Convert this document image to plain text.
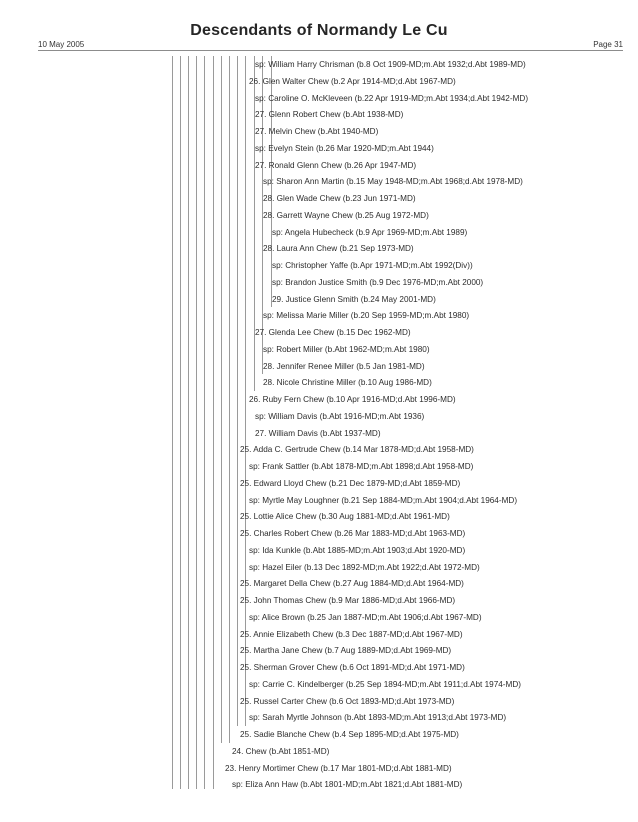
Descendants of Normandy Le Cu
10 May 2005	Page 31
sp: William Harry Chrisman (b.8 Oct 1909-MD;m.Abt 1932;d.Abt 1989-MD)
26. Glen Walter Chew (b.2 Apr 1914-MD;d.Abt 1967-MD)
sp: Caroline O. McKleveen (b.22 Apr 1919-MD;m.Abt 1934;d.Abt 1942-MD)
27. Glenn Robert Chew (b.Abt 1938-MD)
27. Melvin Chew (b.Abt 1940-MD)
sp: Evelyn Stein (b.26 Mar 1920-MD;m.Abt 1944)
27. Ronald Glenn Chew (b.26 Apr 1947-MD)
sp: Sharon Ann Martin (b.15 May 1948-MD;m.Abt 1968;d.Abt 1978-MD)
28. Glen Wade Chew (b.23 Jun 1971-MD)
28. Garrett Wayne Chew (b.25 Aug 1972-MD)
sp: Angela Hubecheck (b.9 Apr 1969-MD;m.Abt 1989)
28. Laura Ann Chew (b.21 Sep 1973-MD)
sp: Christopher Yaffe (b.Apr 1971-MD;m.Abt 1992(Div))
sp: Brandon Justice Smith (b.9 Dec 1976-MD;m.Abt 2000)
29. Justice Glenn Smith (b.24 May 2001-MD)
sp: Melissa Marie Miller (b.20 Sep 1959-MD;m.Abt 1980)
27. Glenda Lee Chew (b.15 Dec 1962-MD)
sp: Robert Miller (b.Abt 1962-MD;m.Abt 1980)
28. Jennifer Renee Miller (b.5 Jan 1981-MD)
28. Nicole Christine Miller (b.10 Aug 1986-MD)
26. Ruby Fern Chew (b.10 Apr 1916-MD;d.Abt 1996-MD)
sp: William Davis (b.Abt 1916-MD;m.Abt 1936)
27. William Davis (b.Abt 1937-MD)
25. Adda C. Gertrude Chew (b.14 Mar 1878-MD;d.Abt 1958-MD)
sp: Frank Sattler (b.Abt 1878-MD;m.Abt 1898;d.Abt 1958-MD)
25. Edward Lloyd Chew (b.21 Dec 1879-MD;d.Abt 1859-MD)
sp: Myrtle May Loughner (b.21 Sep 1884-MD;m.Abt 1904;d.Abt 1964-MD)
25. Lottie Alice Chew (b.30 Aug 1881-MD;d.Abt 1961-MD)
25. Charles Robert Chew (b.26 Mar 1883-MD;d.Abt 1963-MD)
sp: Ida Kunkle (b.Abt 1885-MD;m.Abt 1903;d.Abt 1920-MD)
sp: Hazel Eiler (b.13 Dec 1892-MD;m.Abt 1922;d.Abt 1972-MD)
25. Margaret Della Chew (b.27 Aug 1884-MD;d.Abt 1964-MD)
25. John Thomas Chew (b.9 Mar 1886-MD;d.Abt 1966-MD)
sp: Alice Brown (b.25 Jan 1887-MD;m.Abt 1906;d.Abt 1967-MD)
25. Annie Elizabeth Chew (b.3 Dec 1887-MD;d.Abt 1967-MD)
25. Martha Jane Chew (b.7 Aug 1889-MD;d.Abt 1969-MD)
25. Sherman Grover Chew (b.6 Oct 1891-MD;d.Abt 1971-MD)
sp: Carrie C. Kindelberger (b.25 Sep 1894-MD;m.Abt 1911;d.Abt 1974-MD)
25. Russel Carter Chew (b.6 Oct 1893-MD;d.Abt 1973-MD)
sp: Sarah Myrtle Johnson (b.Abt 1893-MD;m.Abt 1913;d.Abt 1973-MD)
25. Sadie Blanche Chew (b.4 Sep 1895-MD;d.Abt 1975-MD)
24. Chew (b.Abt 1851-MD)
23. Henry Mortimer Chew (b.17 Mar 1801-MD;d.Abt 1881-MD)
sp: Eliza Ann Haw (b.Abt 1801-MD;m.Abt 1821;d.Abt 1881-MD)
